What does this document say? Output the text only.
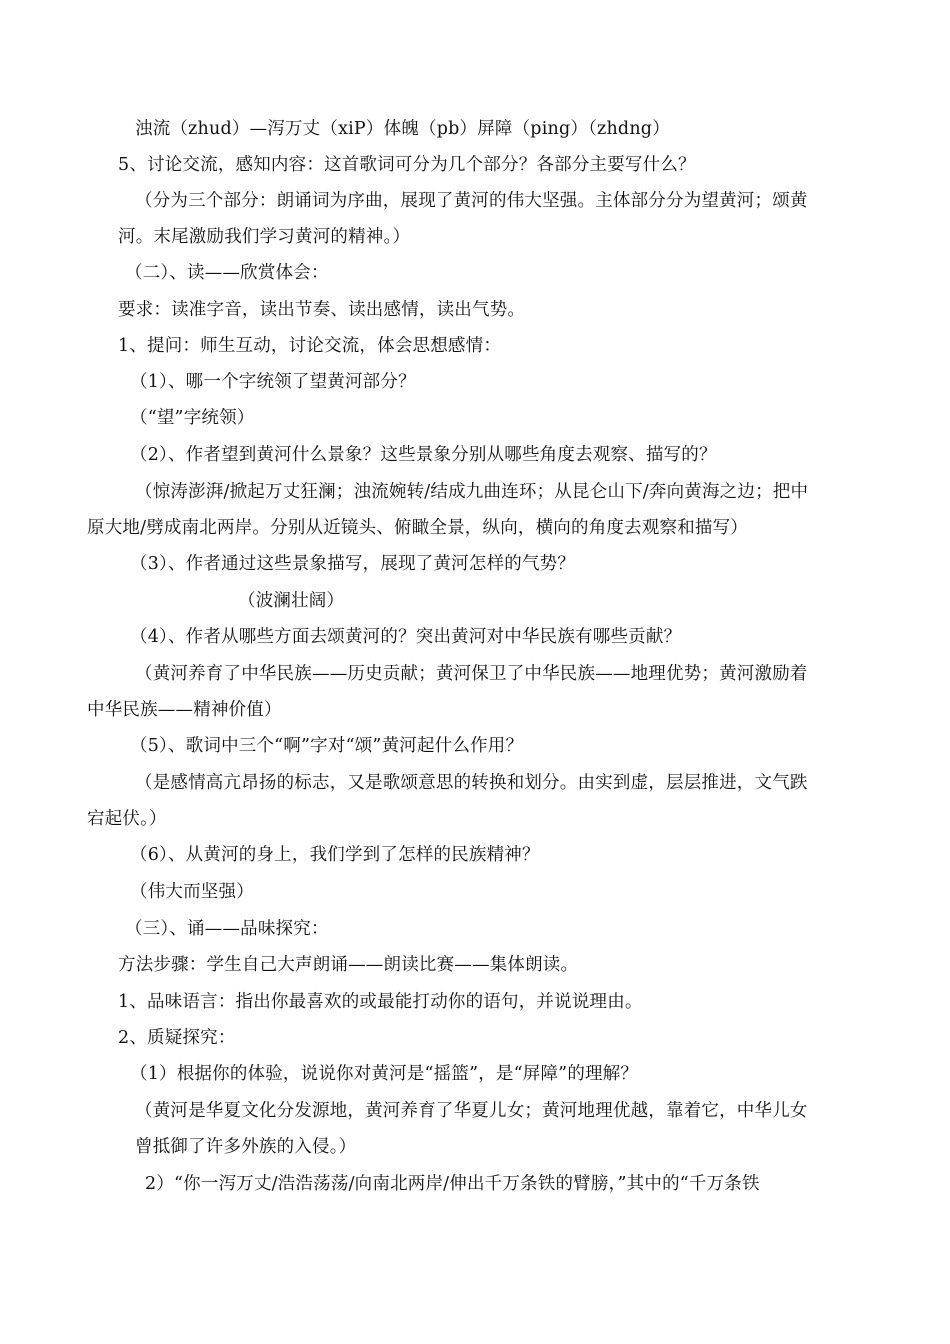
浊流（zhud）—泻万丈（xiP）体魄（pb）屏障（ping）（zhdng）
5、讨论交流，感知内容：这首歌词可分为几个部分？各部分主要写什么？
（分为三个部分：朗诵词为序曲，展现了黄河的伟大坚强。主体部分分为望黄河；颂黄
河。末尾激励我们学习黄河的精神。）
（二）、读——欣赏体会：
要求：读准字音，读出节奏、读出感情，读出气势。
1、提问：师生互动，讨论交流，体会思想感情：
（1）、哪一个字统领了望黄河部分？
（“望”字统领）
（2）、作者望到黄河什么景象？这些景象分别从哪些角度去观察、描写的？
（惊涛澎湃/掀起万丈狂澜；浊流婉转/结成九曲连环；从昆仑山下/奔向黄海之边；把中
原大地/劈成南北两岸。分别从近镜头、俯瞰全景，纵向，横向的角度去观察和描写）
（3）、作者通过这些景象描写，展现了黄河怎样的气势？
（波澜壮阔）
（4）、作者从哪些方面去颂黄河的？突出黄河对中华民族有哪些贡献？
（黄河养育了中华民族——历史贡献；黄河保卫了中华民族——地理优势；黄河激励着
中华民族——精神价值）
（5）、歌词中三个“啊”字对“颂”黄河起什么作用？
（是感情高亢昂扬的标志，又是歌颂意思的转换和划分。由实到虚，层层推进，文气跌
宕起伏。）
（6）、从黄河的身上，我们学到了怎样的民族精神？
（伟大而坚强）
（三）、诵——品味探究：
方法步骤：学生自己大声朗诵——朗读比赛——集体朗读。
1、品味语言：指出你最喜欢的或最能打动你的语句，并说说理由。
2、质疑探究：
（1）根据你的体验，说说你对黄河是“摇篮”，是“屏障”的理解？
（黄河是华夏文化分发源地，黄河养育了华夏儿女；黄河地理优越，靠着它，中华儿女
曾抵御了许多外族的入侵。）
2）“你一泻万丈/浩浩荡荡/向南北两岸/伸出千万条铁的臂膀，”其中的“千万条铁
